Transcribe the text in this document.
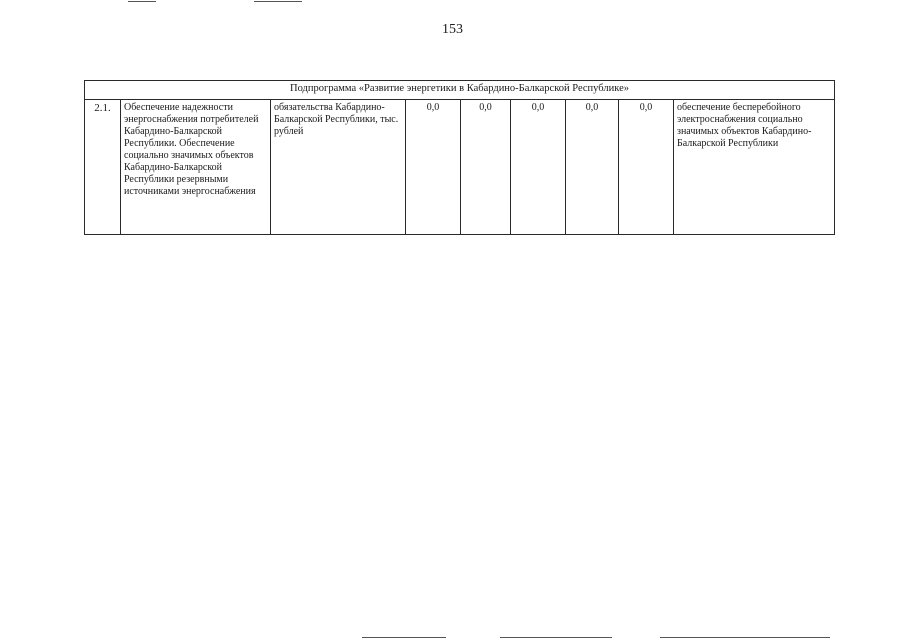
153
Подпрограмма «Развитие энергетики в Кабардино-Балкарской Республике»
2.1.	Обеспечение надежности энергоснабжения потребителей Кабардино-Балкарской Республики. Обеспечение социально значимых объектов Кабардино-Балкарской Республики резервными источниками энергоснабжения	обязательства Кабардино-Балкарской Республики, тыс. рублей	0,0	0,0	0,0	0,0	0,0	обеспечение бесперебойного электроснабжения социально значимых объектов Кабардино-Балкарской Республики
